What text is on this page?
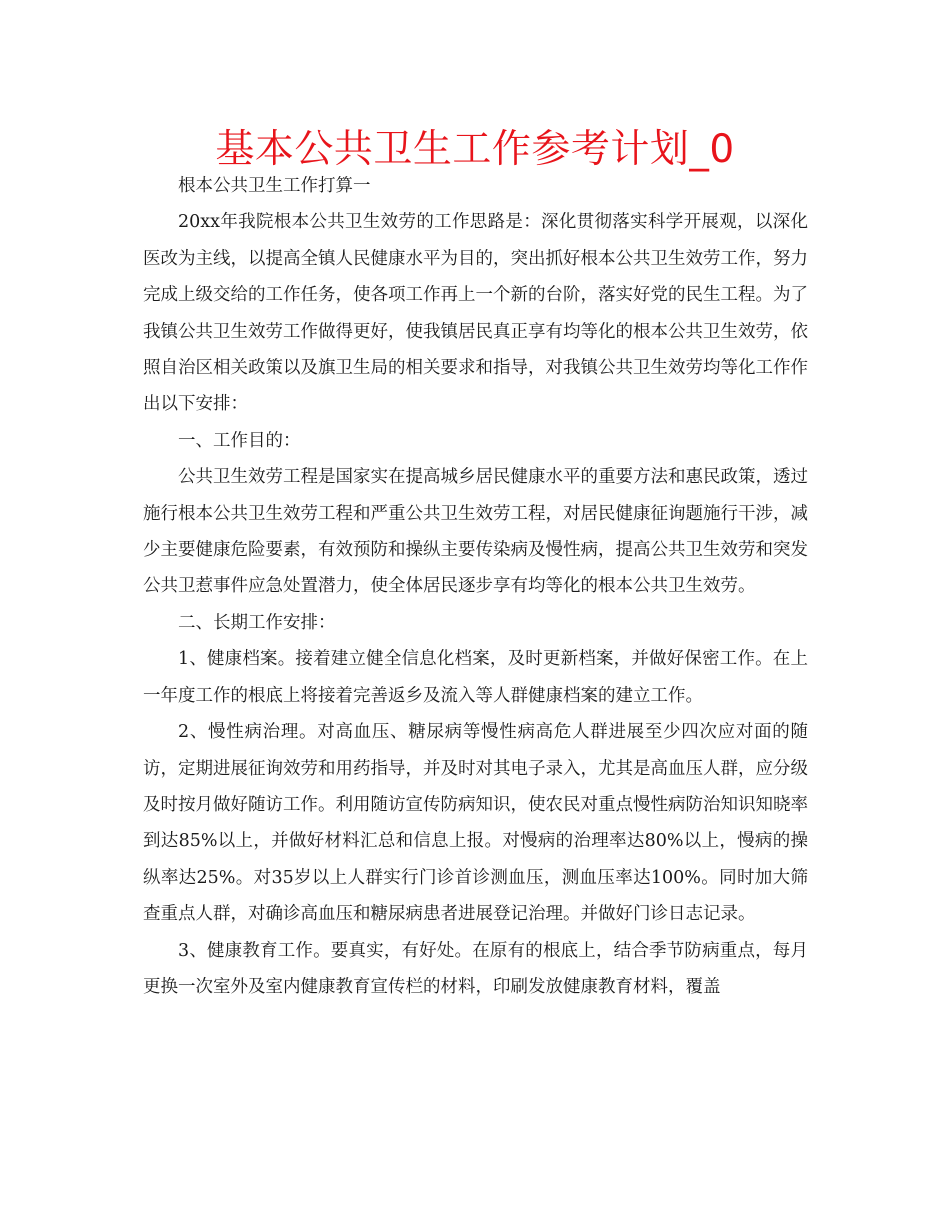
基本公共卫生工作参考计划_0

根本公共卫生工作打算一

20xx年我院根本公共卫生效劳的工作思路是：深化贯彻落实科学开展观，以深化医改为主线，以提高全镇人民健康水平为目的，突出抓好根本公共卫生效劳工作，努力完成上级交给的工作任务，使各项工作再上一个新的台阶，落实好党的民生工程。为了我镇公共卫生效劳工作做得更好，使我镇居民真正享有均等化的根本公共卫生效劳，依照自治区相关政策以及旗卫生局的相关要求和指导，对我镇公共卫生效劳均等化工作作出以下安排：

一、工作目的：

公共卫生效劳工程是国家实在提高城乡居民健康水平的重要方法和惠民政策，透过施行根本公共卫生效劳工程和严重公共卫生效劳工程，对居民健康征询题施行干涉，减少主要健康危险要素，有效预防和操纵主要传染病及慢性病，提高公共卫生效劳和突发公共卫惹事件应急处置潜力，使全体居民逐步享有均等化的根本公共卫生效劳。

二、长期工作安排：

1、健康档案。接着建立健全信息化档案，及时更新档案，并做好保密工作。在上一年度工作的根底上将接着完善返乡及流入等人群健康档案的建立工作。

2、慢性病治理。对高血压、糖尿病等慢性病高危人群进展至少四次应对面的随访，定期进展征询效劳和用药指导，并及时对其电子录入，尤其是高血压人群，应分级及时按月做好随访工作。利用随访宣传防病知识，使农民对重点慢性病防治知识知晓率到达85%以上，并做好材料汇总和信息上报。对慢病的治理率达80%以上，慢病的操纵率达25%。对35岁以上人群实行门诊首诊测血压，测血压率达100%。同时加大筛查重点人群，对确诊高血压和糖尿病患者进展登记治理。并做好门诊日志记录。

3、健康教育工作。要真实，有好处。在原有的根底上，结合季节防病重点，每月更换一次室外及室内健康教育宣传栏的材料，印刷发放健康教育材料，覆盖
